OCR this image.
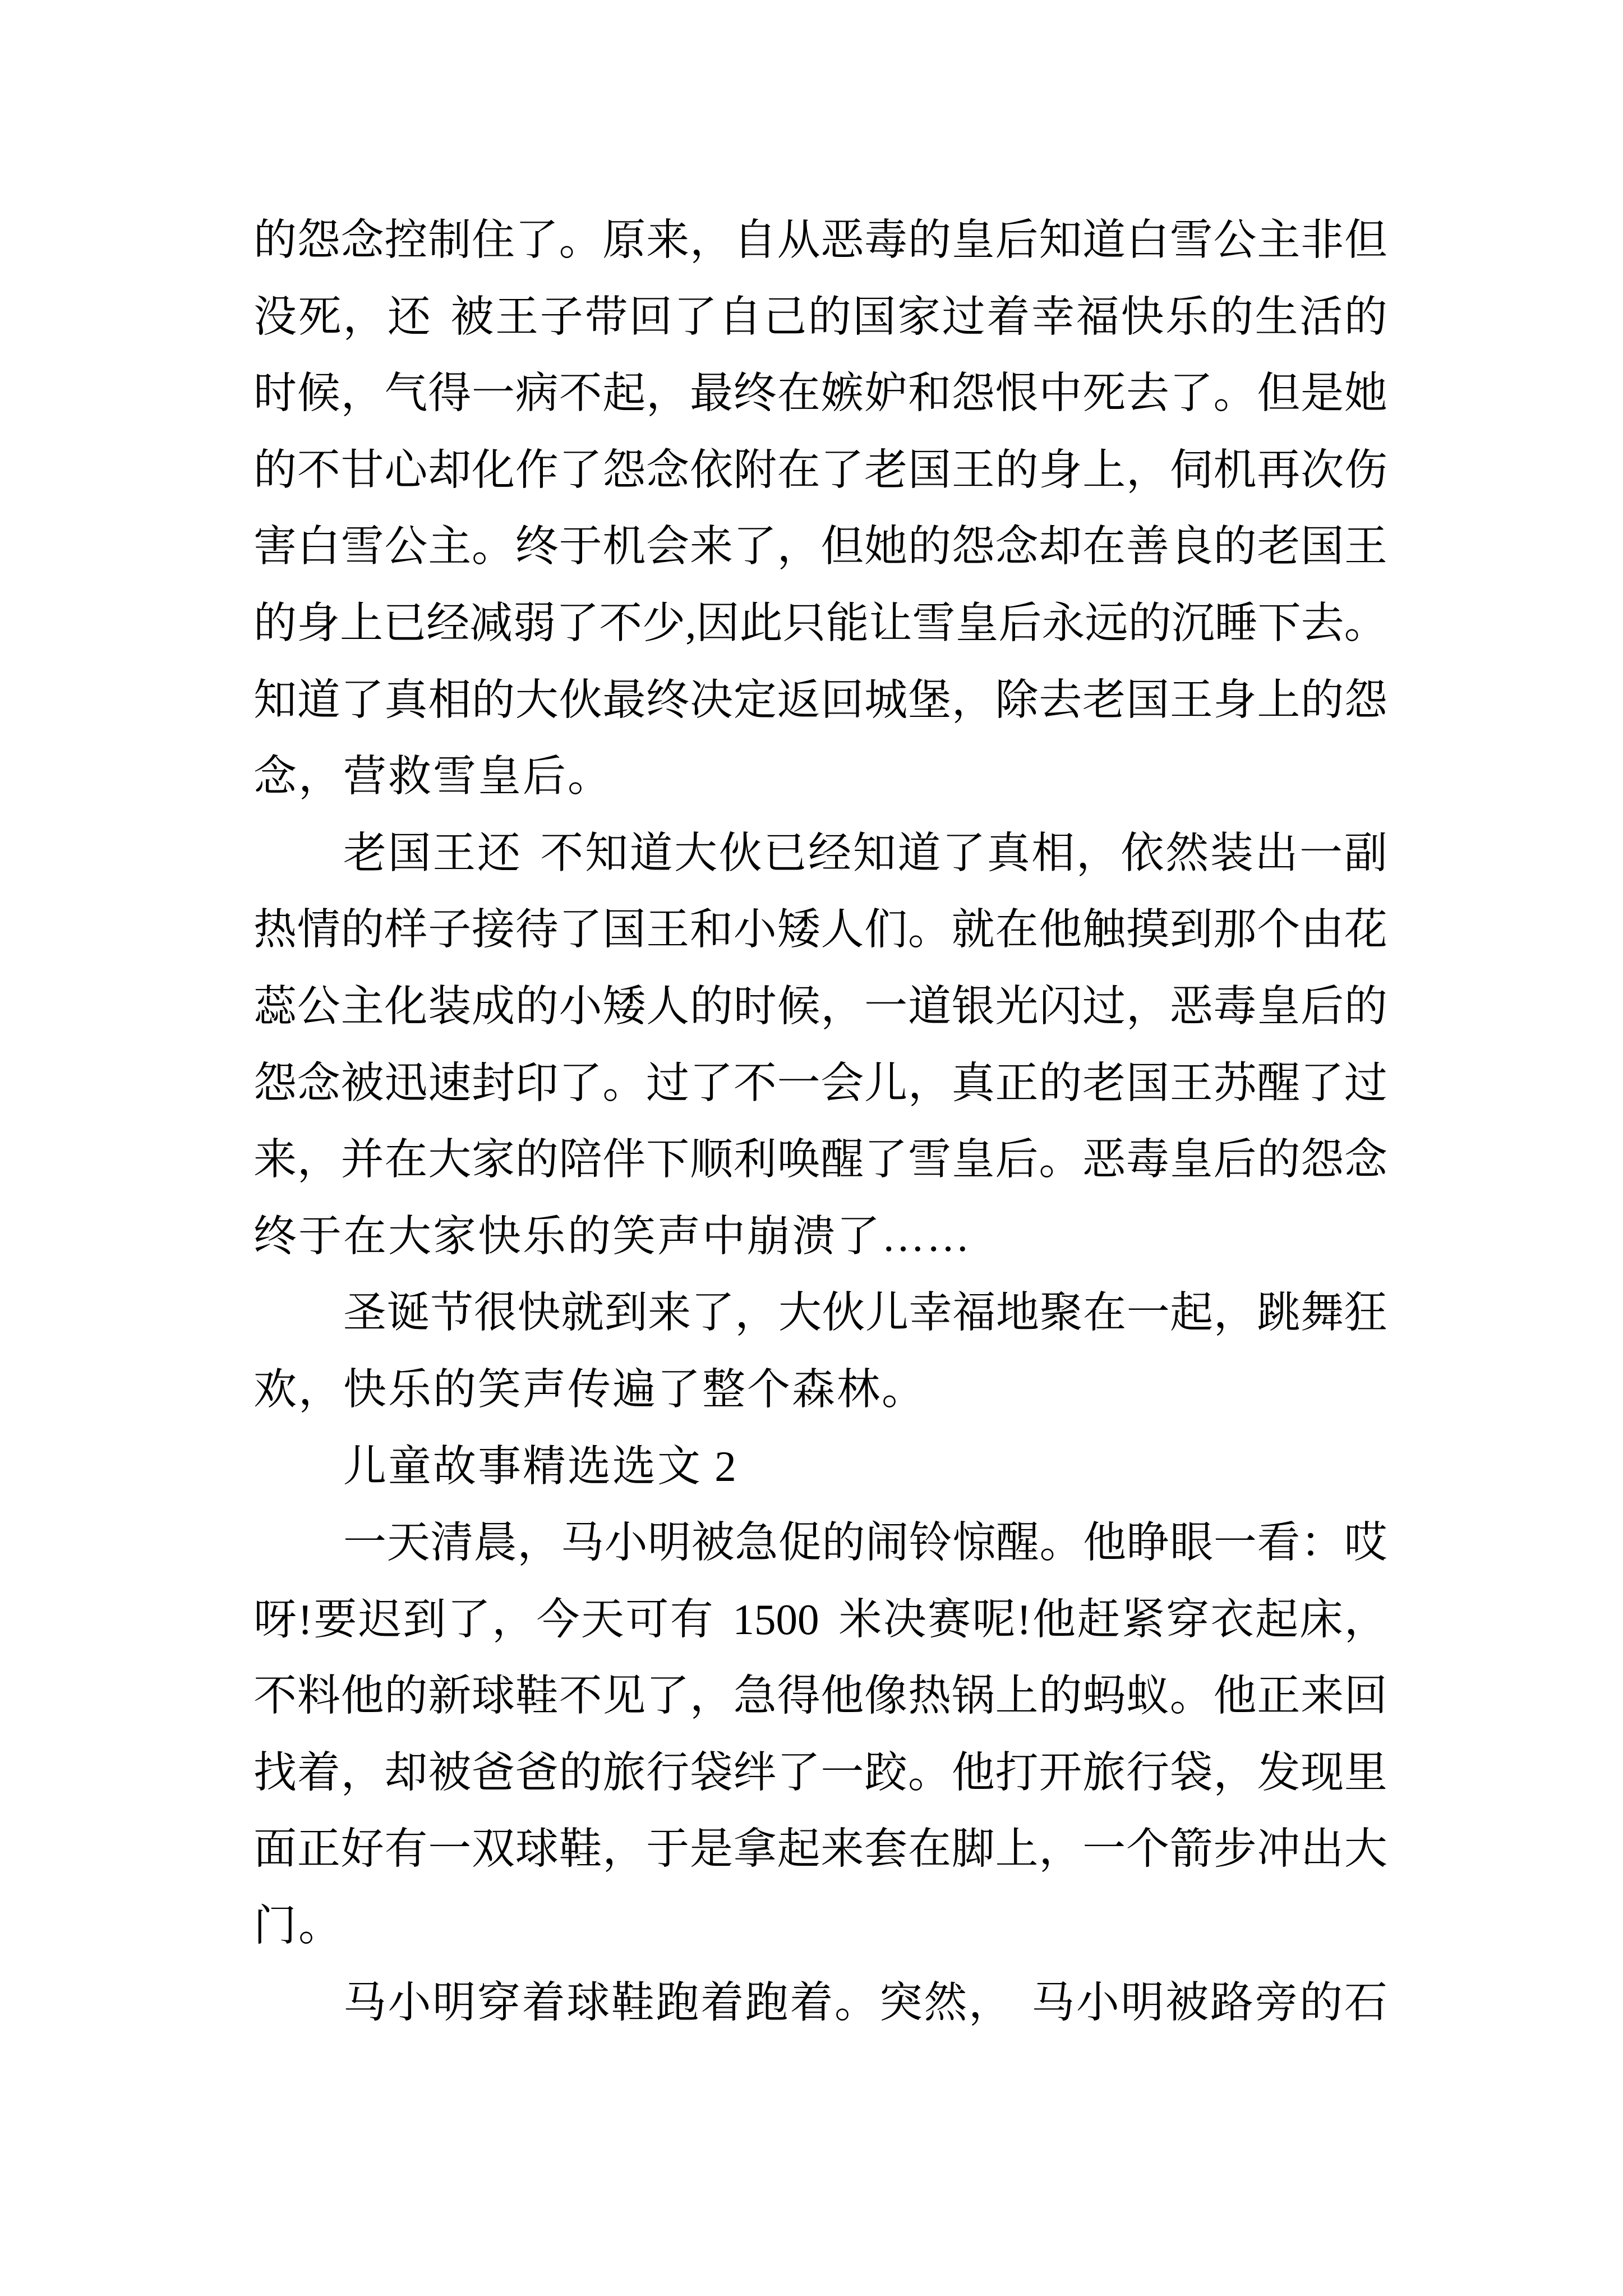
的 怨 念 控 制 住 了 。 原 来 ， 自 从 恶 毒 的 皇 后 知 道 白 雪 公 主 非 但
没 死 ， 还 被 王 子 带 回 了 自 己 的 国 家 过 着 幸 福 快 乐 的 生 活 的
时 候 ， 气 得 一 病 不 起 ， 最 终 在 嫉 妒 和 怨 恨 中 死 去 了 。 但 是 她
的 不 甘 心 却 化 作 了 怨 念 依 附 在 了 老 国 王 的 身 上 ， 伺 机 再 次 伤
害 白 雪 公 主 。 终 于 机 会 来 了 ， 但 她 的 怨 念 却 在 善 良 的 老 国 王
的 身 上 已 经 减 弱 了 不 少 , 因 此 只 能 让 雪 皇 后 永 远 的 沉 睡 下 去 。
知 道 了 真 相 的 大 伙 最 终 决 定 返 回 城 堡 ， 除 去 老 国 王 身 上 的 怨
念，营救雪皇后。
老 国 王 还 不 知 道 大 伙 已 经 知 道 了 真 相 ， 依 然 装 出 一 副
热 情 的 样 子 接 待 了 国 王 和 小 矮 人 们 。 就 在 他 触 摸 到 那 个 由 花
蕊 公 主 化 装 成 的 小 矮 人 的 时 候 ， 一 道 银 光 闪 过 ， 恶 毒 皇 后 的
怨 念 被 迅 速 封 印 了 。 过 了 不 一 会 儿 ， 真 正 的 老 国 王 苏 醒 了 过
来 ， 并 在 大 家 的 陪 伴 下 顺 利 唤 醒 了 雪 皇 后 。 恶 毒 皇 后 的 怨 念
终于在大家快乐的笑声中崩溃了……
圣 诞 节 很 快 就 到 来 了 ， 大 伙 儿 幸 福 地 聚 在 一 起 ， 跳 舞 狂
欢，快乐的笑声传遍了整个森林。
儿童故事精选选文 2
一 天 清 晨 ， 马 小 明 被 急 促 的 闹 铃 惊 醒 。 他 睁 眼 一 看 ： 哎
呀 ! 要 迟 到 了 ， 今 天 可 有 1500 米 决 赛 呢 ! 他 赶 紧 穿 衣 起 床 ，
不 料 他 的 新 球 鞋 不 见 了 ， 急 得 他 像 热 锅 上 的 蚂 蚁 。 他 正 来 回
找 着 ， 却 被 爸 爸 的 旅 行 袋 绊 了 一 跤 。 他 打 开 旅 行 袋 ， 发 现 里
面 正 好 有 一 双 球 鞋 ， 于 是 拿 起 来 套 在 脚 上 ， 一 个 箭 步 冲 出 大
门。
马 小 明 穿 着 球 鞋 跑 着 跑 着 。 突 然 ， 马 小 明 被 路 旁 的 石
